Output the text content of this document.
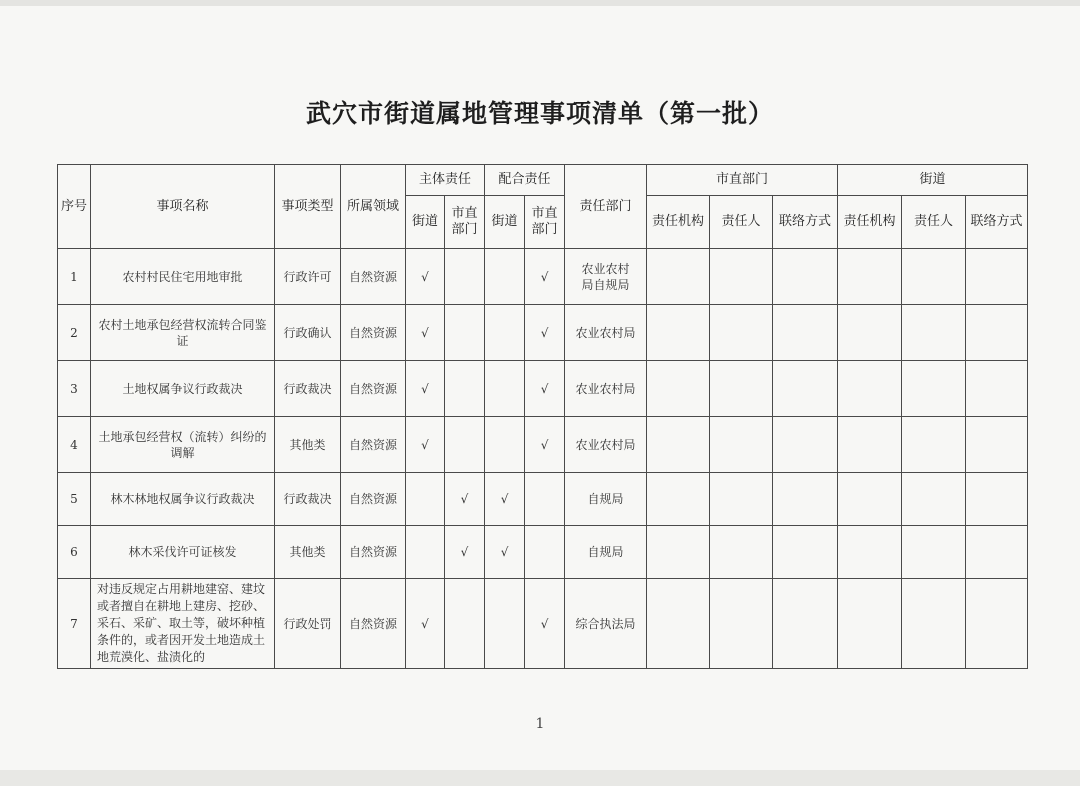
武穴市街道属地管理事项清单（第一批）
序号	事项名称	事项类型	所属领域	主体责任		配合责任		责任部门	市直部门			街道		
				街道	市直部门	街道	市直部门		责任机构	责任人	联络方式	责任机构	责任人	联络方式
1	农村村民住宅用地审批	行政许可	自然资源	√			√	农业农村局自规局						
2	农村土地承包经营权流转合同鉴证	行政确认	自然资源	√			√	农业农村局						
3	土地权属争议行政裁决	行政裁决	自然资源	√			√	农业农村局						
4	土地承包经营权（流转）纠纷的调解	其他类	自然资源	√			√	农业农村局						
5	林木林地权属争议行政裁决	行政裁决	自然资源		√	√		自规局						
6	林木采伐许可证核发	其他类	自然资源		√	√		自规局						
7	对违反规定占用耕地建窑、建坟或者擅自在耕地上建房、挖砂、采石、采矿、取土等，破坏种植条件的，或者因开发土地造成土地荒漠化、盐渍化的	行政处罚	自然资源	√			√	综合执法局						
1
